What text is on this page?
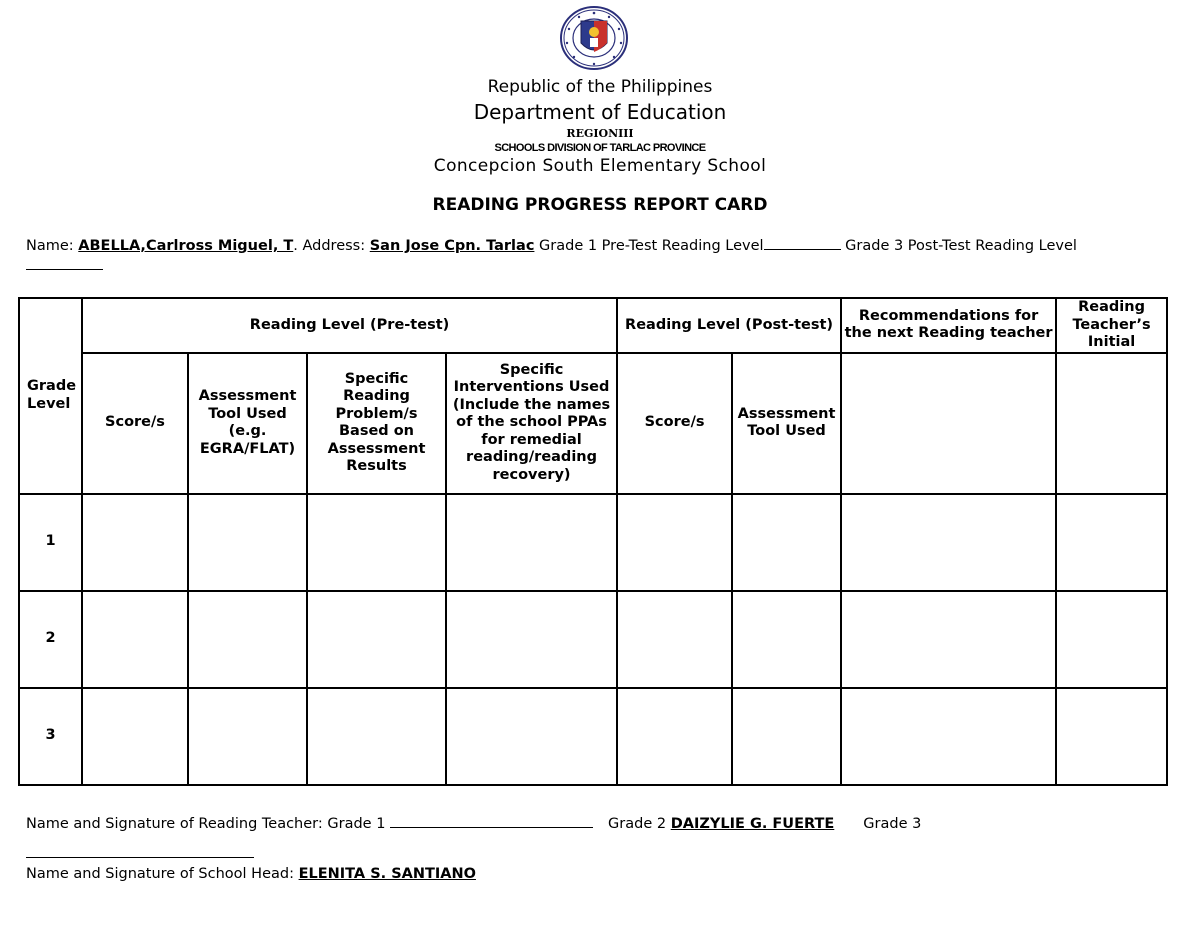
Republic of the Philippines
Department of Education
REGIONIII
SCHOOLS DIVISION OF TARLAC PROVINCE
Concepcion South Elementary School
READING PROGRESS REPORT CARD
Name: ABELLA,Carlross Miguel, T. Address: San Jose Cpn. Tarlac Grade 1 Pre-Test Reading Level	Grade 3 Post-Test Reading Level
Grade Level	Reading Level (Pre-test)				Reading Level (Post-test)		Recommendations for the next Reading teacher	Reading Teacher’s Initial
	Score/s	Assessment Tool Used (e.g. EGRA/FLAT)	Specific Reading Problem/s Based on Assessment Results	Specific Interventions Used (Include the names of the school PPAs for remedial reading/reading recovery)	Score/s	Assessment Tool Used		
1								
2								
3								
Name and Signature of Reading Teacher: Grade 1	Grade 2 DAIZYLIE G. FUERTE Grade 3
Name and Signature of School Head: ELENITA S. SANTIANO
